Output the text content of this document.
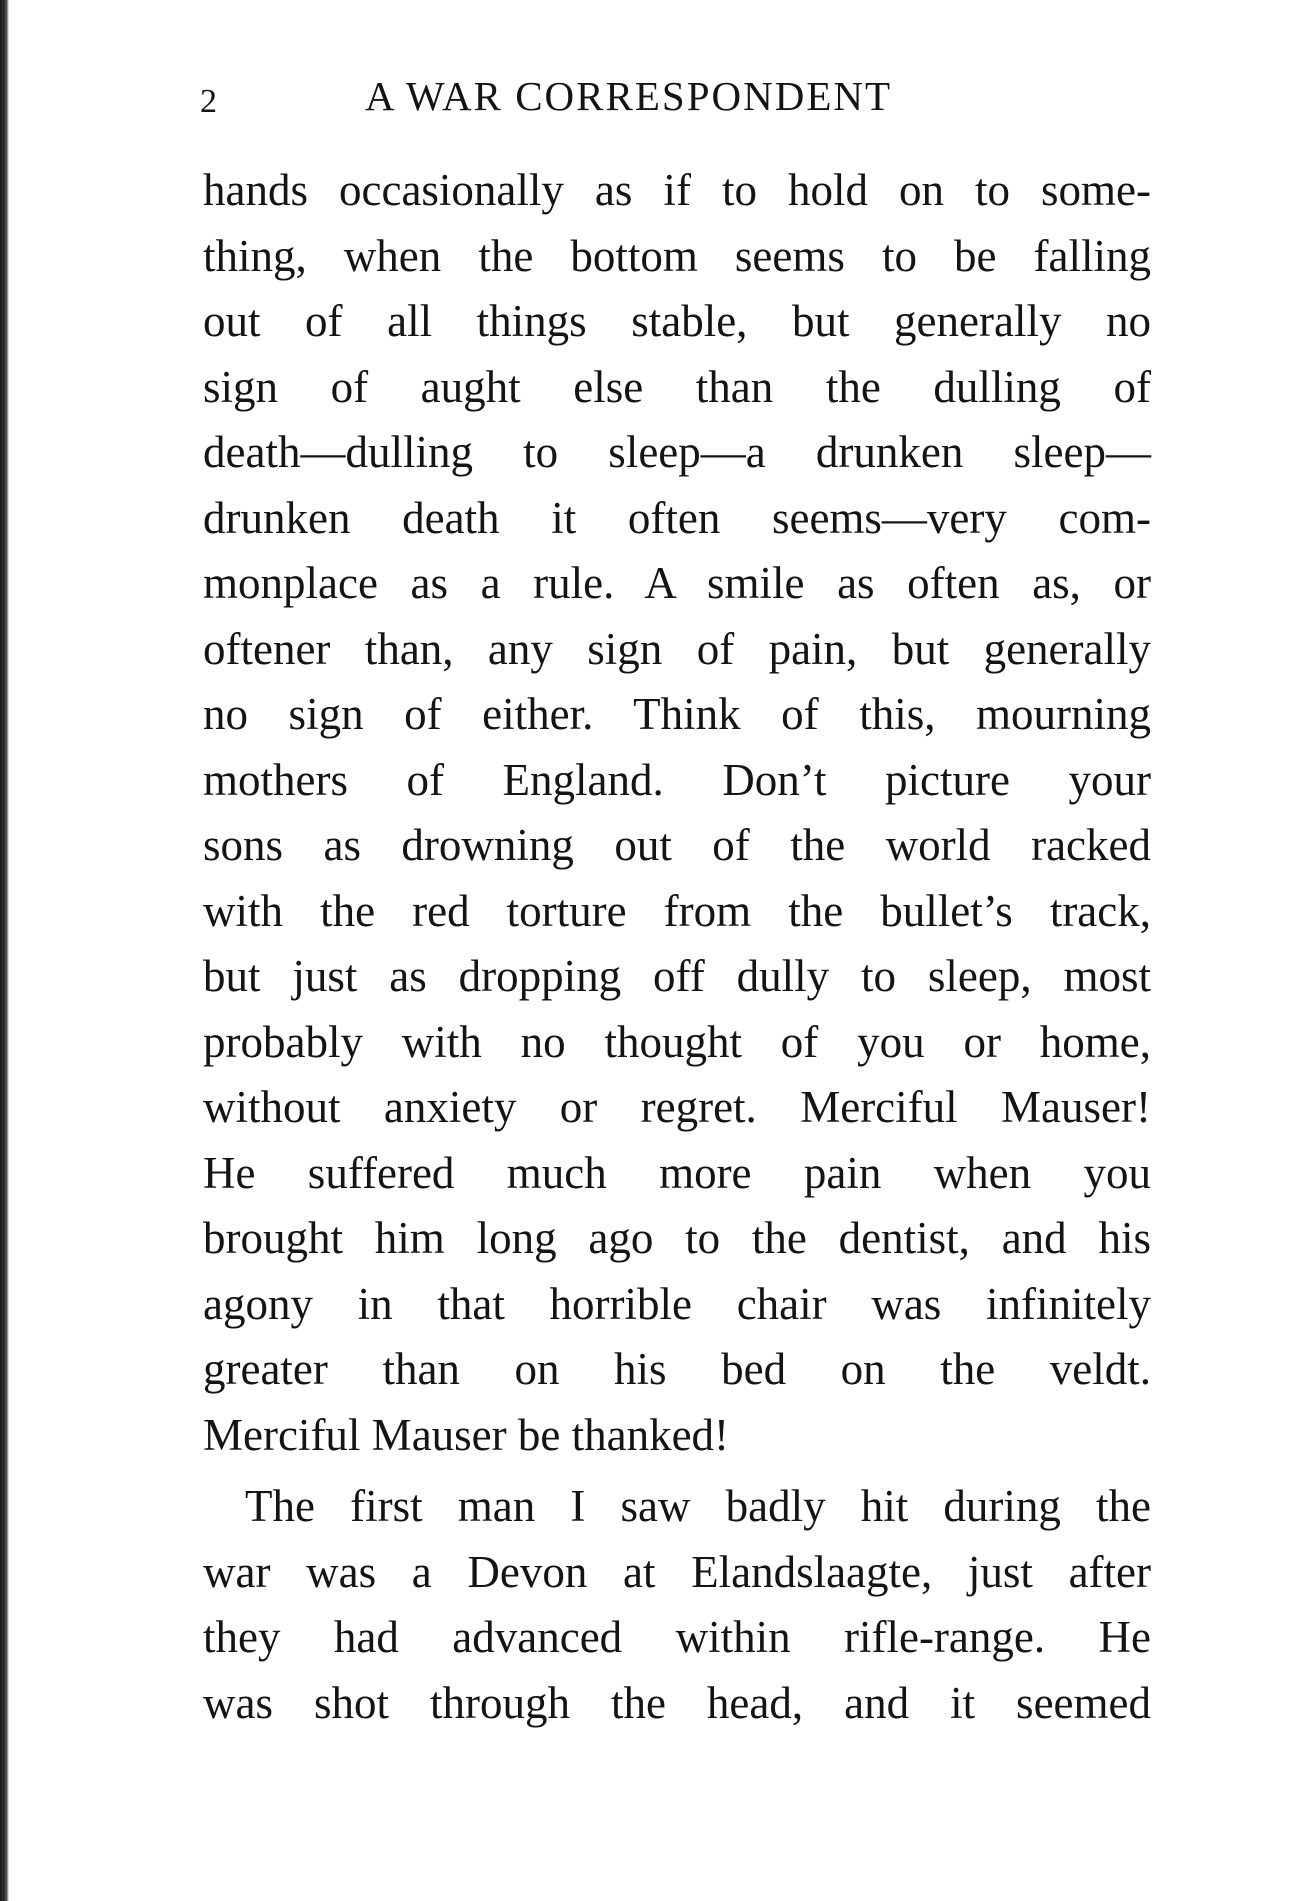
2	A WAR CORRESPONDENT
hands occasionally as if to hold on to some-
thing, when the bottom seems to be falling
out of all things stable, but generally no
sign of aught else than the dulling of
death—dulling to sleep—a drunken sleep—
drunken death it often seems—very com-
monplace as a rule. A smile as often as, or
oftener than, any sign of pain, but generally
no sign of either. Think of this, mourning
mothers of England. Don’t picture your
sons as drowning out of the world racked
with the red torture from the bullet’s track,
but just as dropping off dully to sleep, most
probably with no thought of you or home,
without anxiety or regret. Merciful Mauser!
He suffered much more pain when you
brought him long ago to the dentist, and his
agony in that horrible chair was infinitely
greater than on his bed on the veldt.
Merciful Mauser be thanked!
The first man I saw badly hit during the
war was a Devon at Elandslaagte, just after
they had advanced within rifle-range. He
was shot through the head, and it seemed
